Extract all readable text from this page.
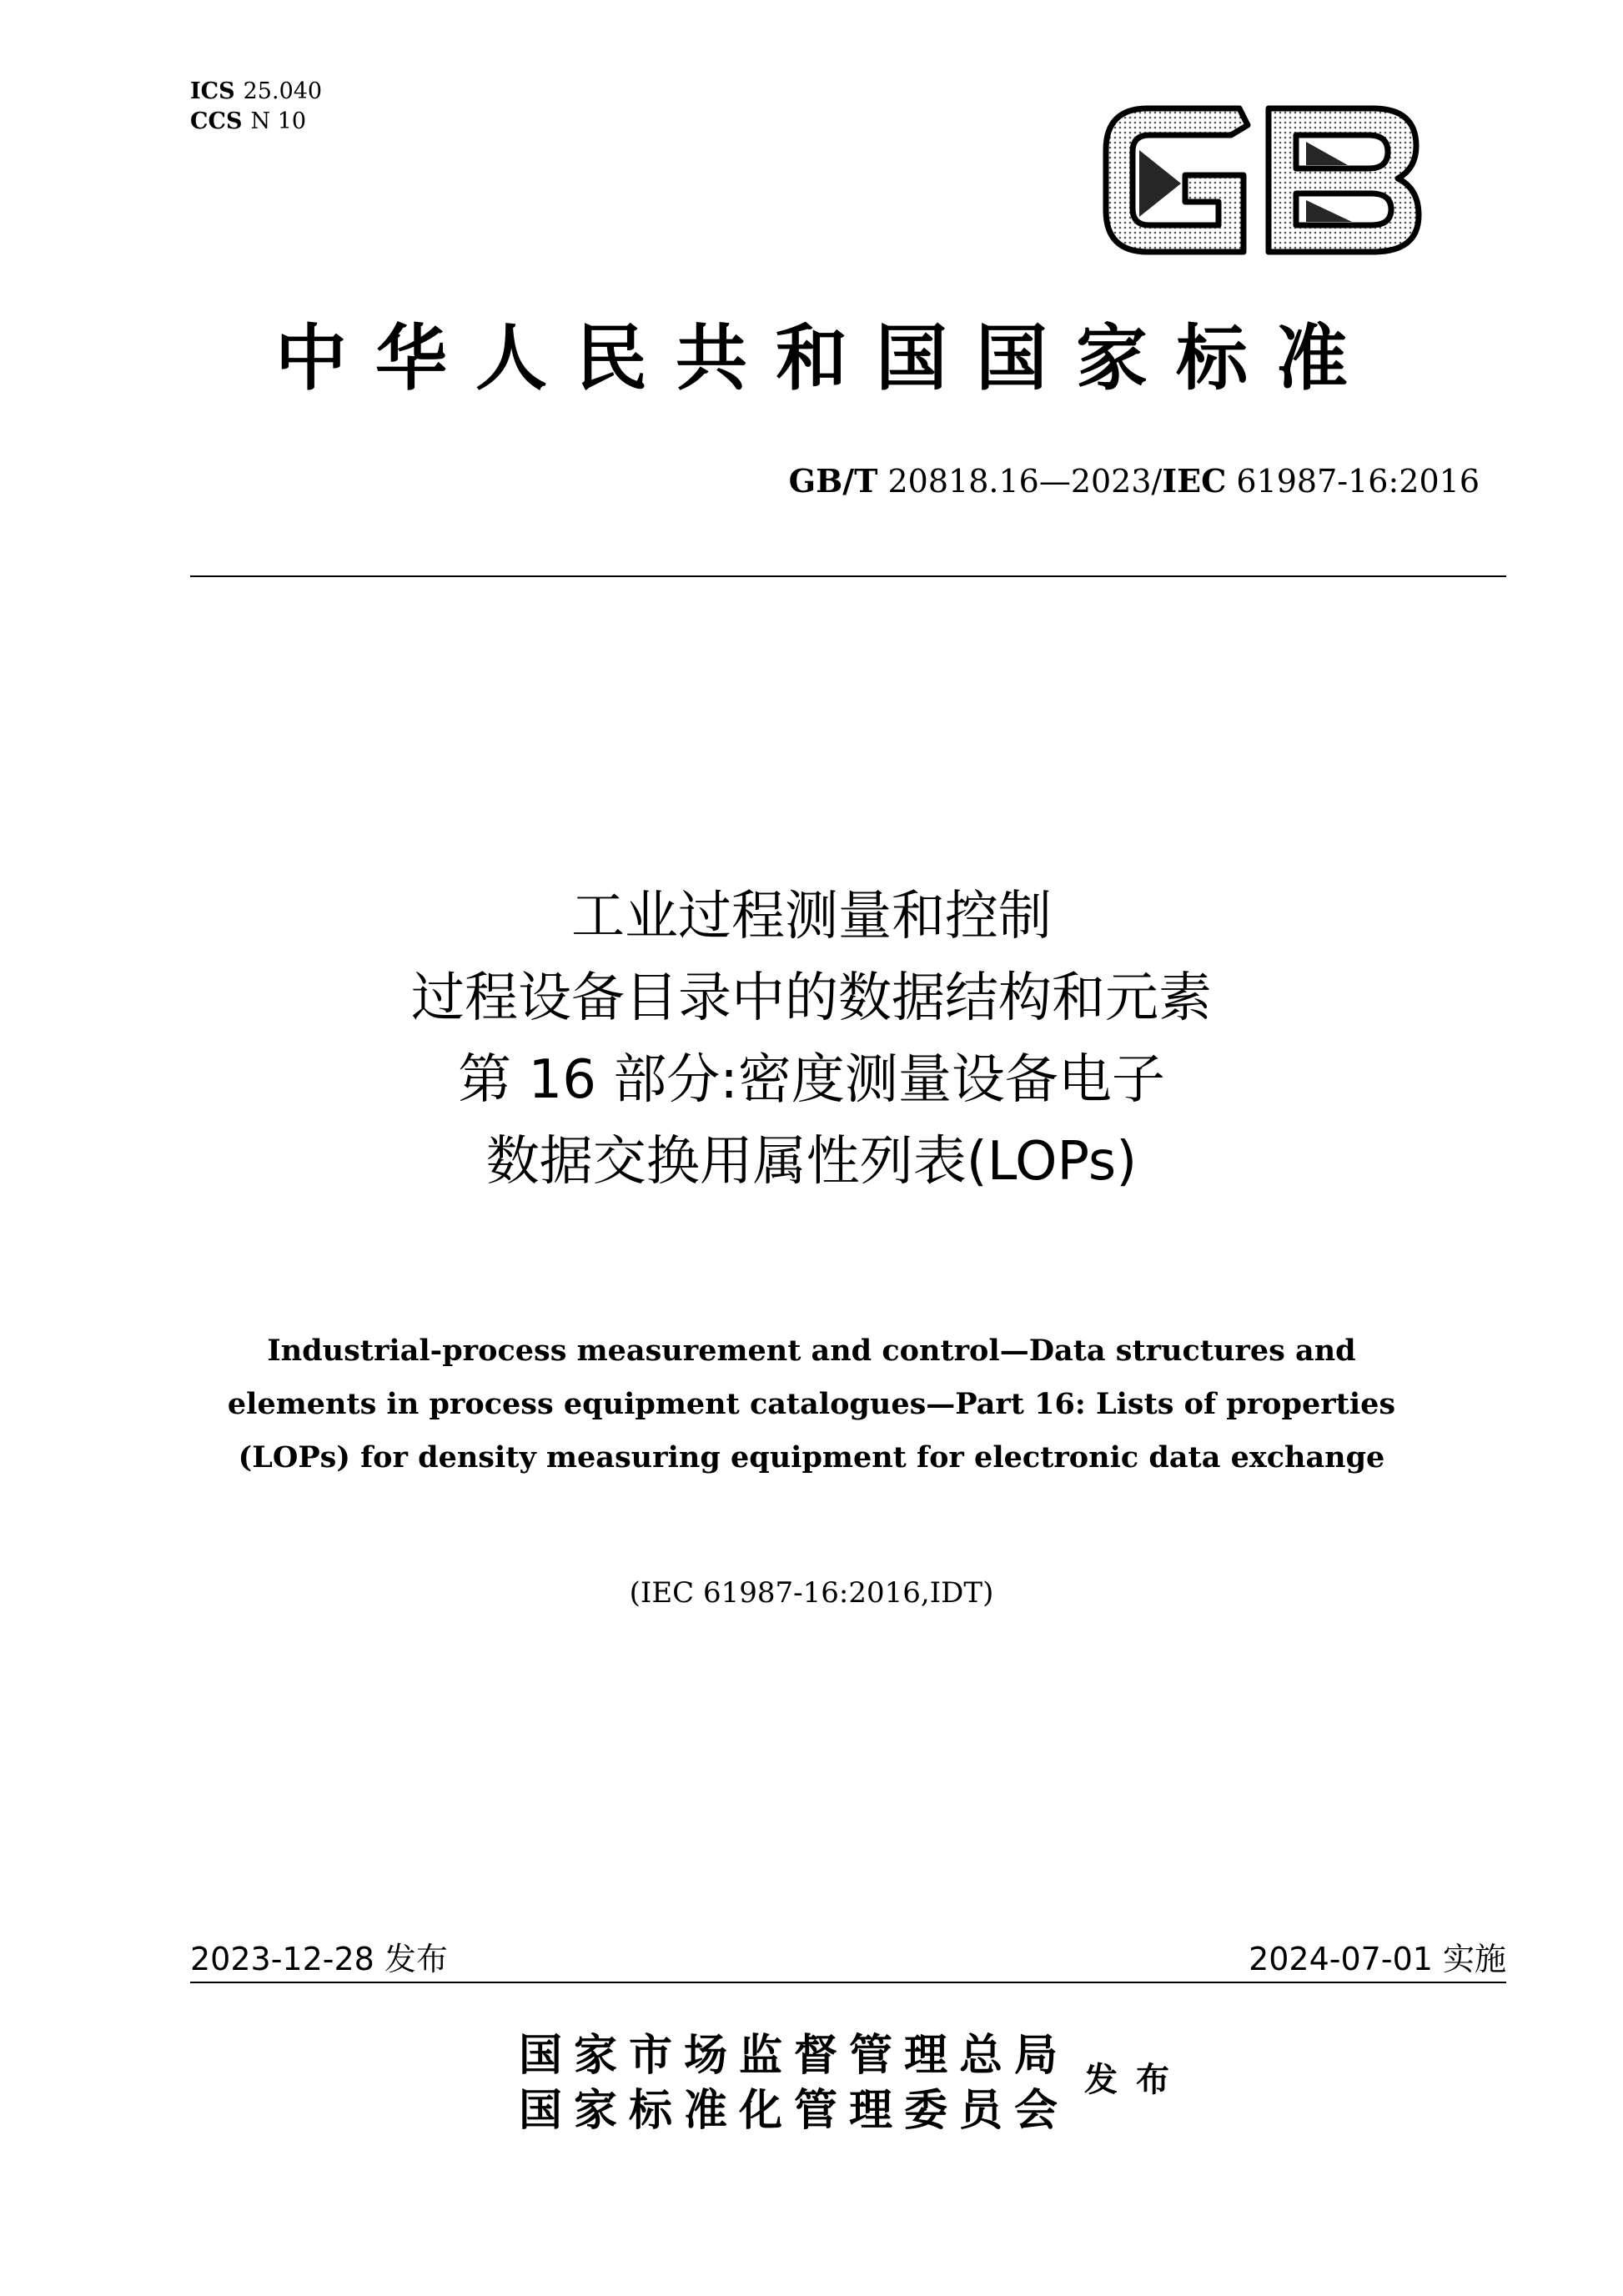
ICS 25.040
CCS N 10
中华人民共和国国家标准
GB/T 20818.16—2023/IEC 61987-16:2016
工业过程测量和控制
过程设备目录中的数据结构和元素
第 16 部分:密度测量设备电子
数据交换用属性列表(LOPs)
Industrial-process measurement and control—Data structures and
elements in process equipment catalogues—Part 16: Lists of properties
(LOPs) for density measuring equipment for electronic data exchange
(IEC 61987-16:2016,IDT)
2023-12-28 发布	2024-07-01 实施
国家市场监督管理总局
国家标准化管理委员会
发布
